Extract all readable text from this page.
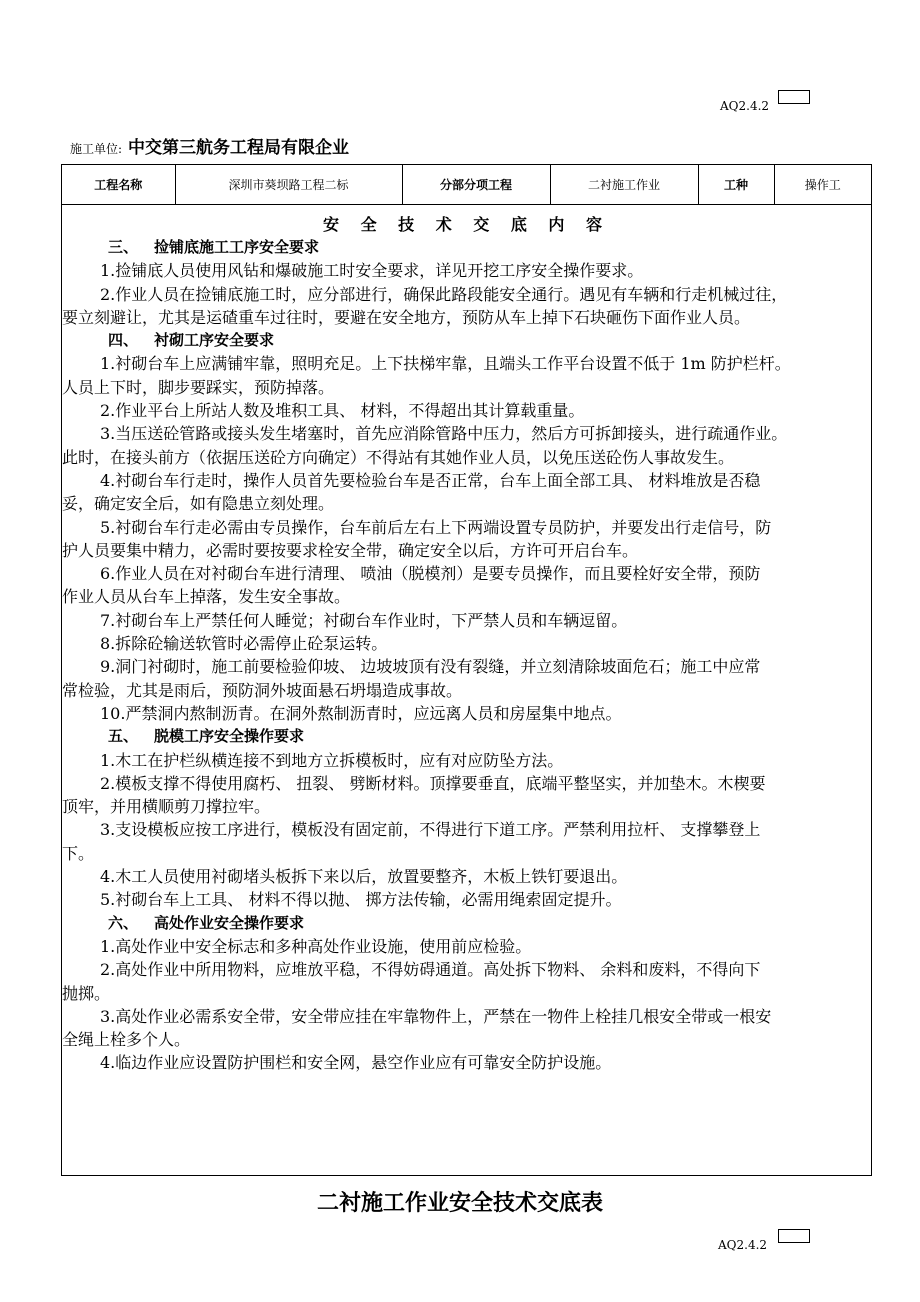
AQ2.4.2
施工单位: 中交第三航务工程局有限企业
工程名称	深圳市葵坝路工程二标	分部分项工程	二衬施工作业	工种	操作工
安 全 技 术 交 底 内 容
三、 捡铺底施工工序安全要求
1.捡铺底人员使用风钻和爆破施工时安全要求，详见开挖工序安全操作要求。
2.作业人员在捡铺底施工时，应分部进行，确保此路段能安全通行。遇见有车辆和行走机械过往，
要立刻避让，尤其是运碴重车过往时，要避在安全地方，预防从车上掉下石块砸伤下面作业人员。
四、 衬砌工序安全要求
1.衬砌台车上应满铺牢靠，照明充足。上下扶梯牢靠，且端头工作平台设置不低于 1m 防护栏杆。
人员上下时，脚步要踩实，预防掉落。
2.作业平台上所站人数及堆积工具、 材料，不得超出其计算载重量。
3.当压送砼管路或接头发生堵塞时，首先应消除管路中压力，然后方可拆卸接头，进行疏通作业。
此时，在接头前方（依据压送砼方向确定）不得站有其她作业人员，以免压送砼伤人事故发生。
4.衬砌台车行走时，操作人员首先要检验台车是否正常，台车上面全部工具、 材料堆放是否稳
妥，确定安全后，如有隐患立刻处理。
5.衬砌台车行走必需由专员操作，台车前后左右上下两端设置专员防护，并要发出行走信号，防
护人员要集中精力，必需时要按要求栓安全带，确定安全以后，方许可开启台车。
6.作业人员在对衬砌台车进行清理、 喷油（脱模剂）是要专员操作，而且要栓好安全带，预防
作业人员从台车上掉落，发生安全事故。
7.衬砌台车上严禁任何人睡觉；衬砌台车作业时，下严禁人员和车辆逗留。
8.拆除砼输送软管时必需停止砼泵运转。
9.洞门衬砌时，施工前要检验仰坡、 边坡坡顶有没有裂缝，并立刻清除坡面危石；施工中应常
常检验，尤其是雨后，预防洞外坡面悬石坍塌造成事故。
10.严禁洞内熬制沥青。在洞外熬制沥青时，应远离人员和房屋集中地点。
五、 脱模工序安全操作要求
1.木工在护栏纵横连接不到地方立拆模板时，应有对应防坠方法。
2.模板支撑不得使用腐朽、 扭裂、 劈断材料。顶撑要垂直，底端平整坚实，并加垫木。木楔要
顶牢，并用横顺剪刀撑拉牢。
3.支设模板应按工序进行，模板没有固定前，不得进行下道工序。严禁利用拉杆、 支撑攀登上
下。
4.木工人员使用衬砌堵头板拆下来以后，放置要整齐，木板上铁钉要退出。
5.衬砌台车上工具、 材料不得以抛、 掷方法传输，必需用绳索固定提升。
六、 高处作业安全操作要求
1.高处作业中安全标志和多种高处作业设施，使用前应检验。
2.高处作业中所用物料，应堆放平稳，不得妨碍通道。高处拆下物料、 余料和废料，不得向下
抛掷。
3.高处作业必需系安全带，安全带应挂在牢靠物件上，严禁在一物件上栓挂几根安全带或一根安
全绳上栓多个人。
4.临边作业应设置防护围栏和安全网，悬空作业应有可靠安全防护设施。
二衬施工作业安全技术交底表
AQ2.4.2
